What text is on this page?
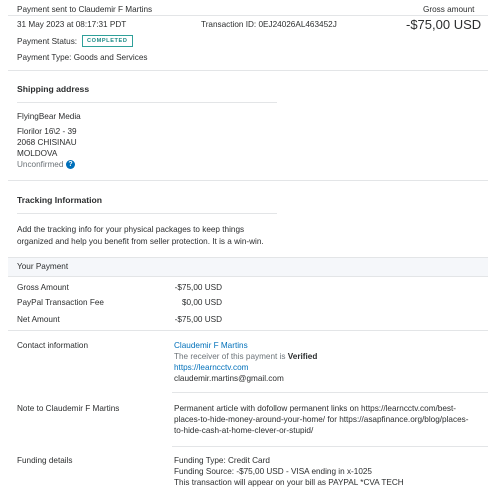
Payment sent to Claudemir F Martins	Gross amount
31 May 2023 at 08:17:31 PDT	Transaction ID: 0EJ24026AL463452J	-$75,00 USD
Payment Status:	COMPLETED
Payment Type: Goods and Services
Shipping address
FlyingBear Media
Florilor 16\2 - 39
2068 CHISINAU
MOLDOVA
Unconfirmed ?
Tracking Information
Add the tracking info for your physical packages to keep things
organized and help you benefit from seller protection. It is a win-win.
Your Payment
Gross Amount	-$75,00 USD
PayPal Transaction Fee	$0,00 USD
Net Amount	-$75,00 USD
Contact information	Claudemir F Martins
The receiver of this payment is Verified
https://learncctv.com
claudemir.martins@gmail.com
Note to Claudemir F Martins	Permanent article with dofollow permanent links on https://learncctv.com/best-
places-to-hide-money-around-your-home/ for https://asapfinance.org/blog/places-
to-hide-cash-at-home-clever-or-stupid/
Funding details	Funding Type: Credit Card
Funding Source: -$75,00 USD - VISA ending in x-1025
This transaction will appear on your bill as PAYPAL *CVA TECH
